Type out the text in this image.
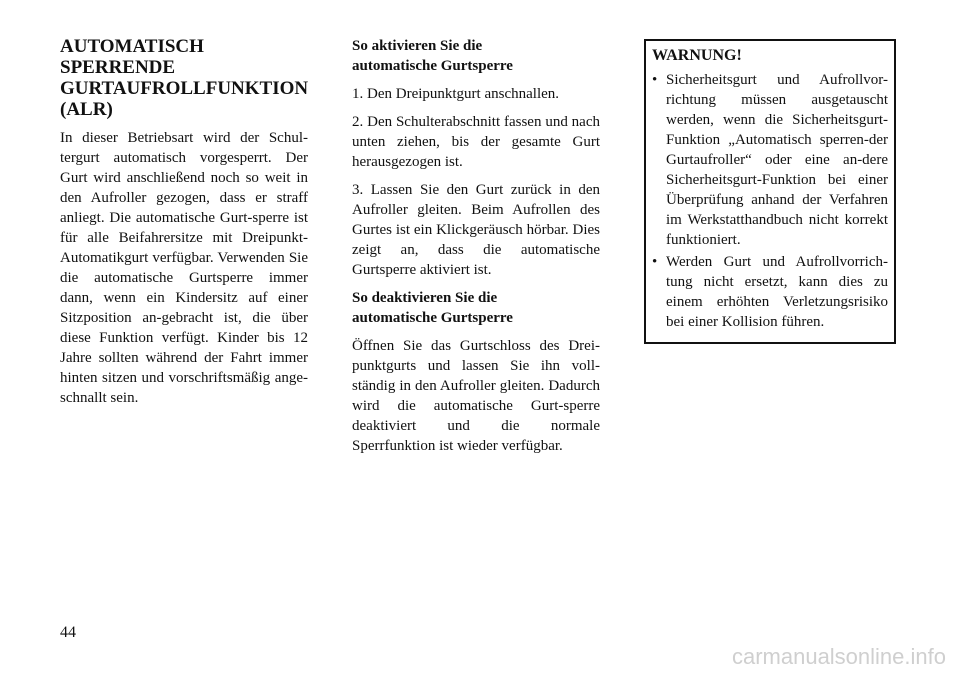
AUTOMATISCH
SPERRENDE
GURTAUFROLLFUNKTION
(ALR)

In dieser Betriebsart wird der Schul-tergurt automatisch vorgesperrt. Der Gurt wird anschließend noch so weit in den Aufroller gezogen, dass er straff anliegt. Die automatische Gurt-sperre ist für alle Beifahrersitze mit Dreipunkt-Automatikgurt verfügbar. Verwenden Sie die automatische Gurtsperre immer dann, wenn ein Kindersitz auf einer Sitzposition an-gebracht ist, die über diese Funktion verfügt. Kinder bis 12 Jahre sollten während der Fahrt immer hinten sitzen und vorschriftsmäßig ange-schnallt sein.

So aktivieren Sie die
automatische Gurtsperre

1. Den Dreipunktgurt anschnallen.

2. Den Schulterabschnitt fassen und nach unten ziehen, bis der gesamte Gurt herausgezogen ist.

3. Lassen Sie den Gurt zurück in den Aufroller gleiten. Beim Aufrollen des Gurtes ist ein Klickgeräusch hörbar. Dies zeigt an, dass die automatische Gurtsperre aktiviert ist.

So deaktivieren Sie die
automatische Gurtsperre

Öffnen Sie das Gurtschloss des Drei-punktgurts und lassen Sie ihn voll-ständig in den Aufroller gleiten. Dadurch wird die automatische Gurt-sperre deaktiviert und die normale Sperrfunktion ist wieder verfügbar.

WARNUNG!
• Sicherheitsgurt und Aufrollvor-richtung müssen ausgetauscht werden, wenn die Sicherheitsgurt-Funktion „Automatisch sperren-der Gurtaufroller“ oder eine an-dere Sicherheitsgurt-Funktion bei einer Überprüfung anhand der Verfahren im Werkstatthandbuch nicht korrekt funktioniert.
• Werden Gurt und Aufrollvorrich-tung nicht ersetzt, kann dies zu einem erhöhten Verletzungsrisiko bei einer Kollision führen.
44
carmanualsonline.info
